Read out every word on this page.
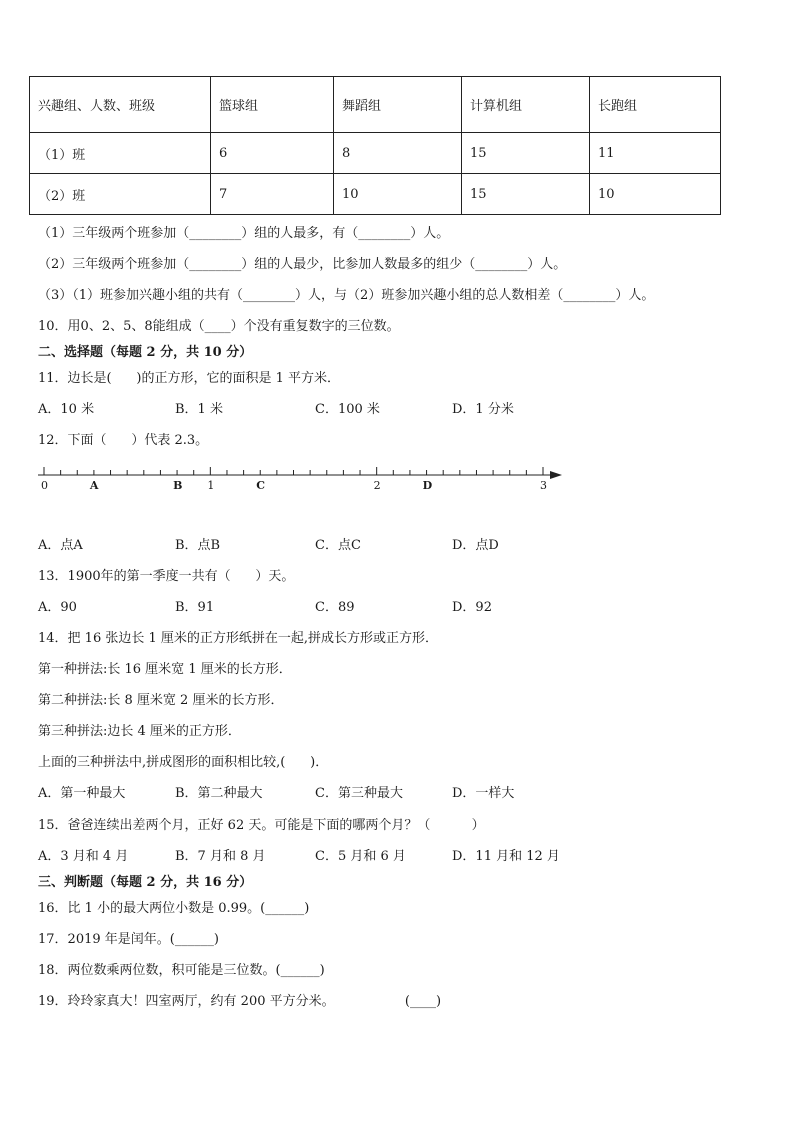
兴趣组、人数、班级	篮球组	舞蹈组	计算机组	长跑组
（1）班	6	8	15	11
（2）班	7	10	15	10
（1）三年级两个班参加（________）组的人最多，有（________）人。
（2）三年级两个班参加（________）组的人最少，比参加人数最多的组少（________）人。
（3）（1）班参加兴趣小组的共有（________）人，与（2）班参加兴趣小组的总人数相差（________）人。
10．用0、2、5、8能组成（____）个没有重复数字的三位数。
二、选择题（每题 2 分，共 10 分）
11．边长是(      )的正方形，它的面积是 1 平方米．
A．10 米	B．1 米	C．100 米	D．1 分米
12．下面（      ）代表 2.3。
0	1	2	3
A	B	C	D
A．点A	B．点B	C．点C	D．点D
13．1900年的第一季度一共有（      ）天。
A．90	B．91	C．89	D．92
14．把 16 张边长 1 厘米的正方形纸拼在一起,拼成长方形或正方形．
第一种拼法:长 16 厘米宽 1 厘米的长方形．
第二种拼法:长 8 厘米宽 2 厘米的长方形．
第三种拼法:边长 4 厘米的正方形．
上面的三种拼法中,拼成图形的面积相比较,(      )．
A．第一种最大	B．第二种最大	C．第三种最大	D．一样大
15．爸爸连续出差两个月，正好 62 天。可能是下面的哪两个月？（          ）
A．3 月和 4 月	B．7 月和 8 月	C．5 月和 6 月	D．11 月和 12 月
三、判断题（每题 2 分，共 16 分）
16．比 1 小的最大两位小数是 0.99。(______)
17．2019 年是闰年。(______)
18．两位数乘两位数，积可能是三位数。(______)
19．玲玲家真大！四室两厅，约有 200 平方分米。                 (____)
